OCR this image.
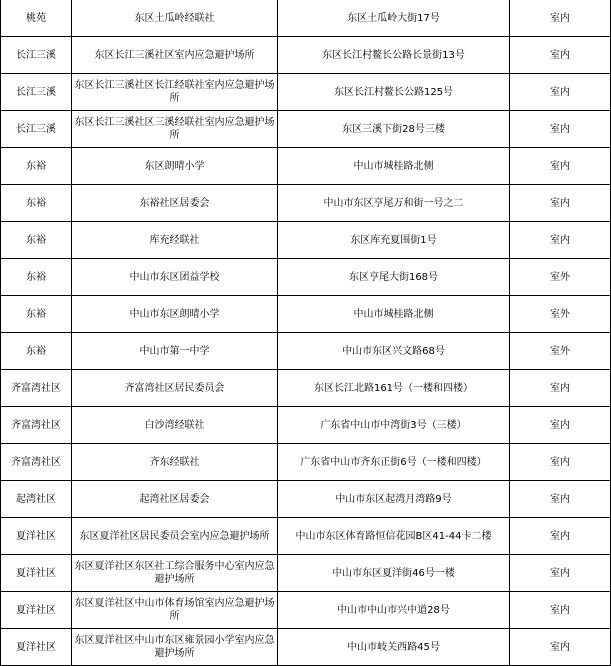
桃苑	东区土瓜岭经联社	东区土瓜岭大街17号	室内
长江三溪	东区长江三溪社区室内应急避护场所	东区长江村鳌长公路长景街13号	室内
长江三溪	东区长江三溪社区长江经联社室内应急避护场所	东区长江村鳌长公路125号	室内
长江三溪	东区长江三溪社区三溪经联社室内应急避护场所	东区三溪下街28号三楼	室内
东裕	东区朗晴小学	中山市城桂路北侧	室内
东裕	东裕社区居委会	中山市东区亨尾万和街一号之二	室内
东裕	库充经联社	东区库充夏围街1号	室内
东裕	中山市东区团益学校	东区亨尾大街168号	室外
东裕	中山市东区朗晴小学	中山市城桂路北侧	室外
东裕	中山市第一中学	中山市东区兴文路68号	室外
齐富湾社区	齐富湾社区居民委员会	东区长江北路161号（一楼和四楼）	室内
齐富湾社区	白沙湾经联社	广东省中山市中湾街3号（三楼）	室内
齐富湾社区	齐东经联社	广东省中山市齐东正街6号（一楼和四楼）	室内
起湾社区	起湾社区居委会	中山市东区起湾月湾路9号	室内
夏洋社区	东区夏洋社区居民委员会室内应急避护场所	中山市东区体育路恒信花园B区41-44卡二楼	室内
夏洋社区	东区夏洋社区东区社工综合服务中心室内应急避护场所	中山市东区夏洋街46号一楼	室内
夏洋社区	东区夏洋社区中山市体育场馆室内应急避护场所	中山市中山市兴中道28号	室内
夏洋社区	东区夏洋社区中山市东区雍景园小学室内应急避护场所	中山市岐关西路45号	室内
